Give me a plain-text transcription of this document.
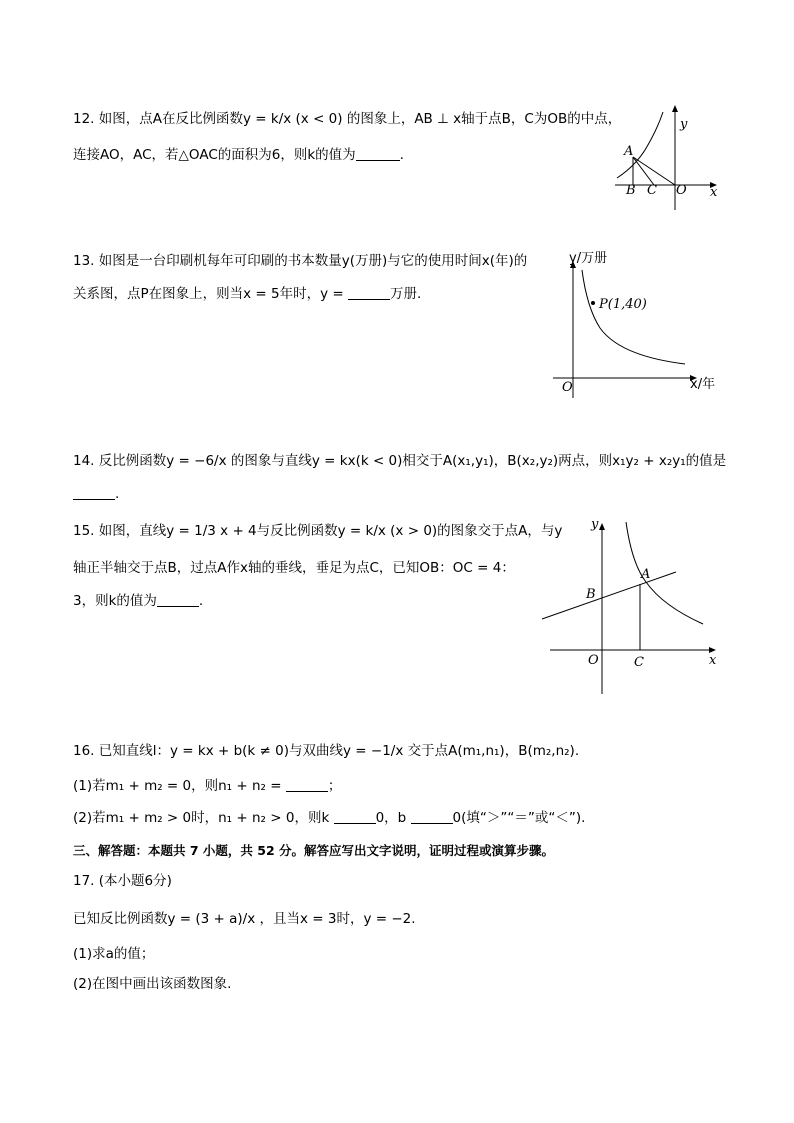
12. 如图，点A在反比例函数y = k/x (x < 0) 的图象上，AB ⊥ x轴于点B，C为OB的中点，
连接AO，AC，若△OAC的面积为6，则k的值为	.
y
x
A
B C O
13. 如图是一台印刷机每年可印刷的书本数量y(万册)与它的使用时间x(年)的
关系图，点P在图象上，则当x = 5年时，y =	万册.
y/万册
x/年
P(1,40)
O
14. 反比例函数y = −6/x 的图象与直线y = kx(k < 0)相交于A(x₁,y₁)，B(x₂,y₂)两点，则x₁y₂ + x₂y₁的值是
.
15. 如图，直线y = 1/3 x + 4与反比例函数y = k/x (x > 0)的图象交于点A，与y
轴正半轴交于点B，过点A作x轴的垂线，垂足为点C，已知OB：OC = 4：
3，则k的值为	.
y
x
A
B
C
O
16. 已知直线l：y = kx + b(k ≠ 0)与双曲线y = −1/x 交于点A(m₁,n₁)，B(m₂,n₂).
(1)若m₁ + m₂ = 0，则n₁ + n₂ =	；
(2)若m₁ + m₂ > 0时，n₁ + n₂ > 0，则k	0，b	0(填“＞”“＝”或“＜”).
三、解答题：本题共 7 小题，共 52 分。解答应写出文字说明，证明过程或演算步骤。
17. (本小题6分)
已知反比例函数y = (3 + a)/x ，且当x = 3时，y = −2.
(1)求a的值；
(2)在图中画出该函数图象.
